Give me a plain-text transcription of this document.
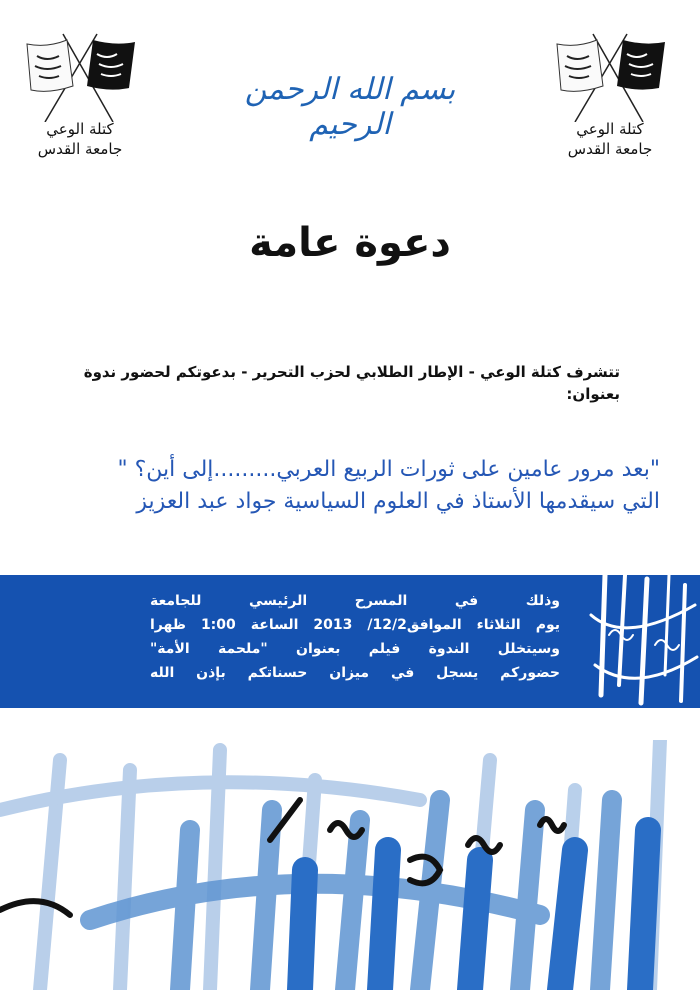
كتلة الوعي
جامعة القدس
كتلة الوعي
جامعة القدس
بسم الله الرحمن الرحيم
دعوة عامة
تتشرف كتلة الوعي - الإطار الطلابي لحزب التحرير - بدعوتكم لحضور ندوة بعنوان:
"بعد مرور عامين على ثورات الربيع العربي.........إلى أين؟ "
التي سيقدمها الأستاذ في العلوم السياسية جواد عبد العزيز
وذلك في المسرح الرئيسي للجامعة
يوم الثلاثاء الموافق12/2/ 2013 الساعة 1:00 ظهرا
وسيتخلل الندوة فيلم بعنوان "ملحمة الأمة"
حضوركم يسجل في ميزان حسناتكم بإذن الله
